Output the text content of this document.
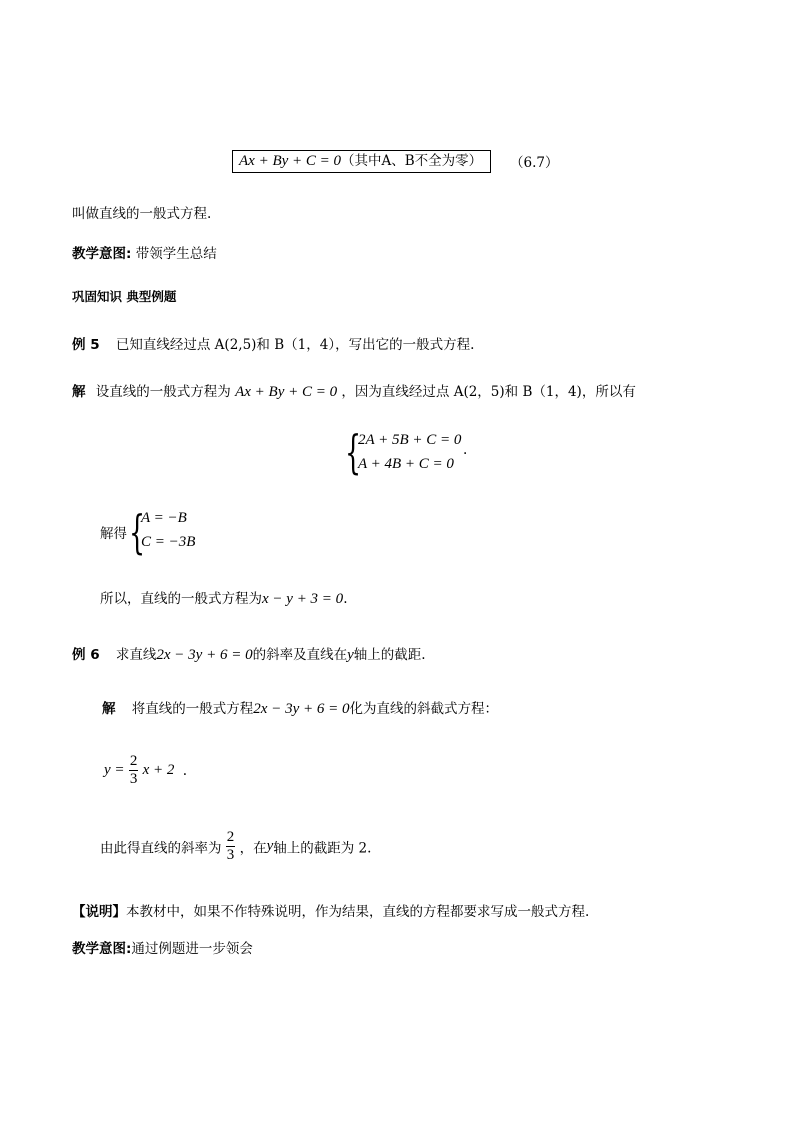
Ax + By + C = 0（其中A、B不全为零）	（6.7）
叫做直线的一般式方程.
教学意图: 带领学生总结
巩固知识 典型例题
例 5 已知直线经过点 A(2,5)和 B（1，4），写出它的一般式方程.
解 设直线的一般式方程为 Ax + By + C = 0 ，因为直线经过点 A(2，5)和 B（1，4)，所以有
{
2A + 5B + C = 0
A + 4B + C = 0
.
解得 {
A = −B
C = −3B
所以，直线的一般式方程为x − y + 3 = 0.
例 6 求直线2x − 3y + 6 = 0的斜率及直线在y轴上的截距.
解 将直线的一般式方程2x − 3y + 6 = 0化为直线的斜截式方程：
$y = \frac{2}{3}$ x + 2 .
由此得直线的斜率为 $\frac{2}{3}$ ，在y轴上的截距为 2.
【说明】本教材中，如果不作特殊说明，作为结果，直线的方程都要求写成一般式方程.
教学意图:通过例题进一步领会
